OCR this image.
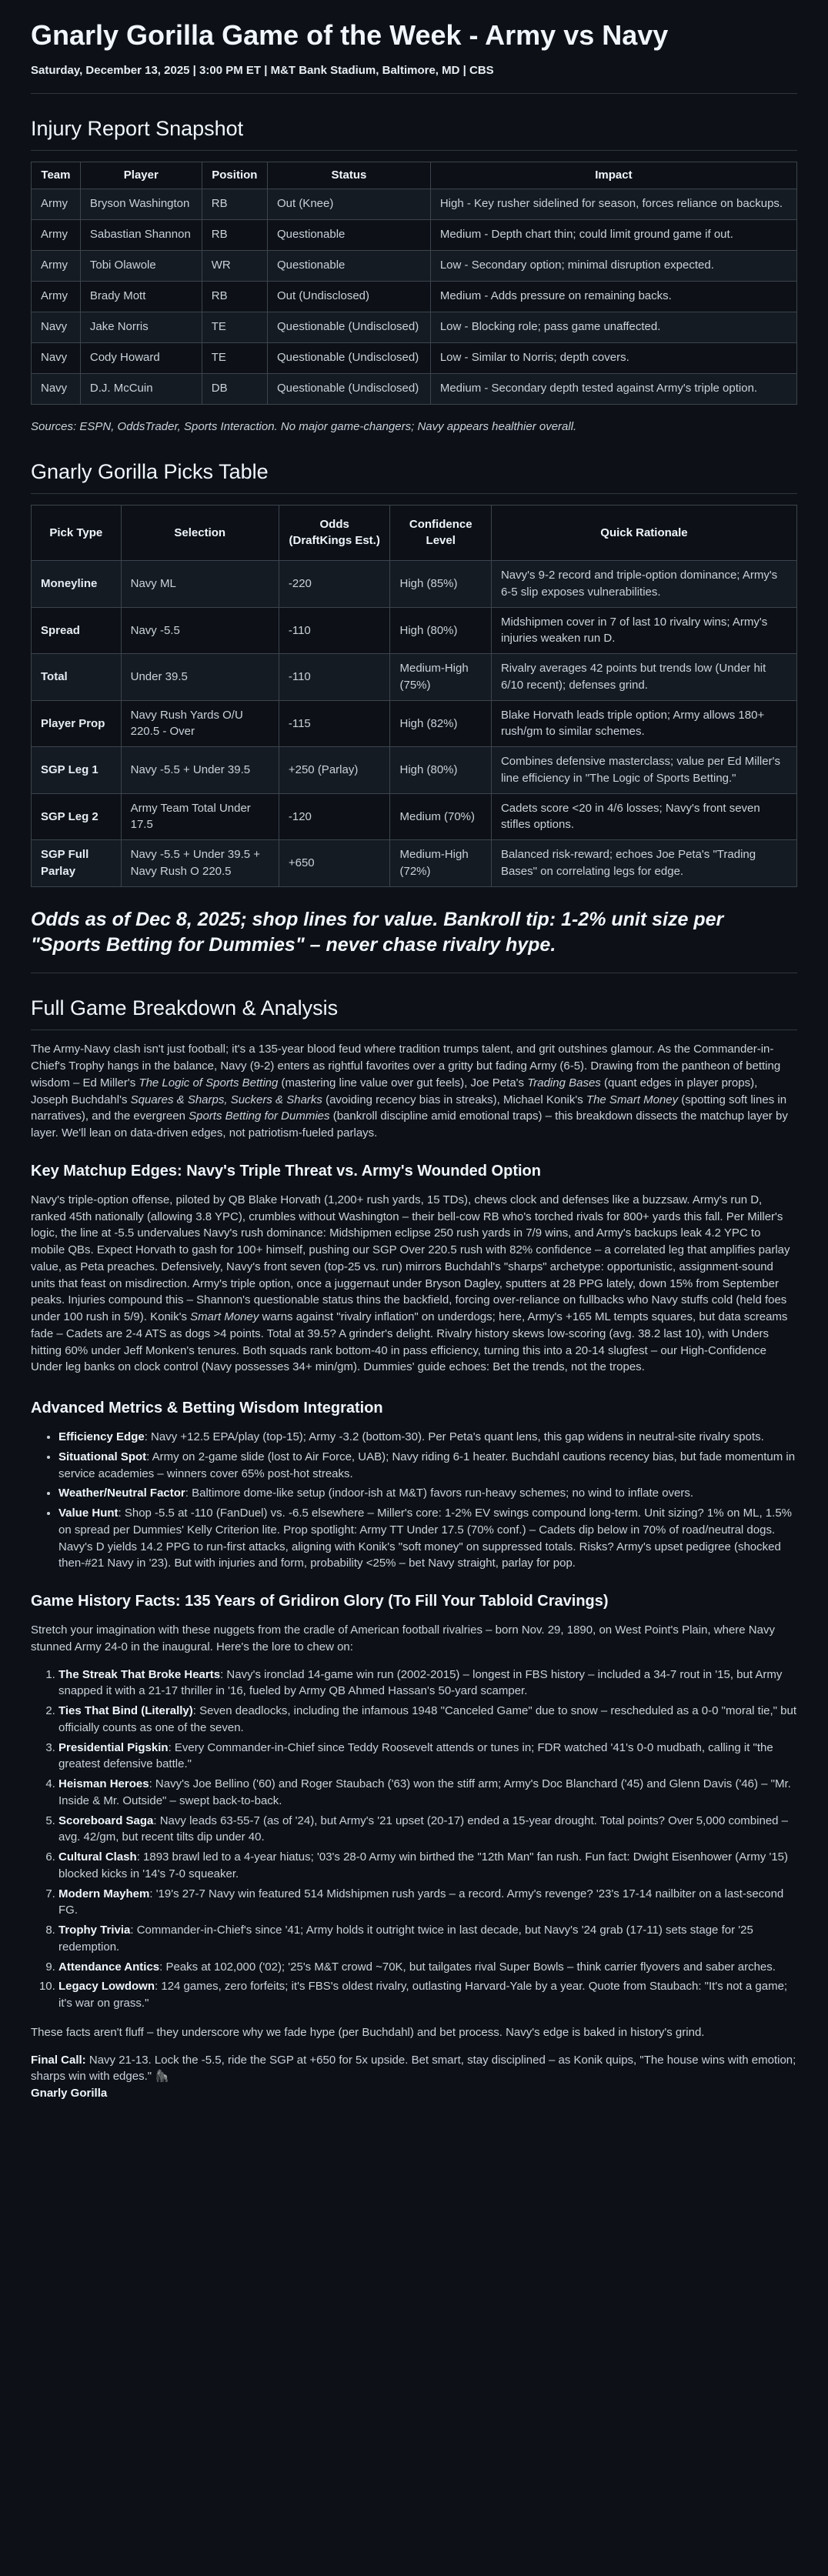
Gnarly Gorilla Game of the Week - Army vs Navy
Saturday, December 13, 2025 | 3:00 PM ET | M&T Bank Stadium, Baltimore, MD | CBS
Injury Report Snapshot
Team	Player	Position	Status	Impact
Army	Bryson Washington	RB	Out (Knee)	High - Key rusher sidelined for season, forces reliance on backups.
Army	Sabastian Shannon	RB	Questionable	Medium - Depth chart thin; could limit ground game if out.
Army	Tobi Olawole	WR	Questionable	Low - Secondary option; minimal disruption expected.
Army	Brady Mott	RB	Out (Undisclosed)	Medium - Adds pressure on remaining backs.
Navy	Jake Norris	TE	Questionable (Undisclosed)	Low - Blocking role; pass game unaffected.
Navy	Cody Howard	TE	Questionable (Undisclosed)	Low - Similar to Norris; depth covers.
Navy	D.J. McCuin	DB	Questionable (Undisclosed)	Medium - Secondary depth tested against Army's triple option.
Sources: ESPN, OddsTrader, Sports Interaction. No major game-changers; Navy appears healthier overall.
Gnarly Gorilla Picks Table
Pick Type	Selection	Odds (DraftKings Est.)	Confidence Level	Quick Rationale
Moneyline	Navy ML	-220	High (85%)	Navy's 9-2 record and triple-option dominance; Army's 6-5 slip exposes vulnerabilities.
Spread	Navy -5.5	-110	High (80%)	Midshipmen cover in 7 of last 10 rivalry wins; Army's injuries weaken run D.
Total	Under 39.5	-110	Medium-High (75%)	Rivalry averages 42 points but trends low (Under hit 6/10 recent); defenses grind.
Player Prop	Navy Rush Yards O/U 220.5 - Over	-115	High (82%)	Blake Horvath leads triple option; Army allows 180+ rush/gm to similar schemes.
SGP Leg 1	Navy -5.5 + Under 39.5	+250 (Parlay)	High (80%)	Combines defensive masterclass; value per Ed Miller's line efficiency in "The Logic of Sports Betting."
SGP Leg 2	Army Team Total Under 17.5	-120	Medium (70%)	Cadets score <20 in 4/6 losses; Navy's front seven stifles options.
SGP Full Parlay	Navy -5.5 + Under 39.5 + Navy Rush O 220.5	+650	Medium-High (72%)	Balanced risk-reward; echoes Joe Peta's "Trading Bases" on correlating legs for edge.
Odds as of Dec 8, 2025; shop lines for value. Bankroll tip: 1-2% unit size per "Sports Betting for Dummies" – never chase rivalry hype.
Full Game Breakdown & Analysis

The Army-Navy clash isn't just football; it's a 135-year blood feud where tradition trumps talent, and grit outshines glamour. As the Commander-in-Chief's Trophy hangs in the balance, Navy (9-2) enters as rightful favorites over a gritty but fading Army (6-5). Drawing from the pantheon of betting wisdom – Ed Miller's The Logic of Sports Betting (mastering line value over gut feels), Joe Peta's Trading Bases (quant edges in player props), Joseph Buchdahl's Squares & Sharps, Suckers & Sharks (avoiding recency bias in streaks), Michael Konik's The Smart Money (spotting soft lines in narratives), and the evergreen Sports Betting for Dummies (bankroll discipline amid emotional traps) – this breakdown dissects the matchup layer by layer. We'll lean on data-driven edges, not patriotism-fueled parlays.

Key Matchup Edges: Navy's Triple Threat vs. Army's Wounded Option

Navy's triple-option offense, piloted by QB Blake Horvath (1,200+ rush yards, 15 TDs), chews clock and defenses like a buzzsaw. Army's run D, ranked 45th nationally (allowing 3.8 YPC), crumbles without Washington – their bell-cow RB who's torched rivals for 800+ yards this fall. Per Miller's logic, the line at -5.5 undervalues Navy's rush dominance: Midshipmen eclipse 250 rush yards in 7/9 wins, and Army's backups leak 4.2 YPC to mobile QBs. Expect Horvath to gash for 100+ himself, pushing our SGP Over 220.5 rush with 82% confidence – a correlated leg that amplifies parlay value, as Peta preaches. Defensively, Navy's front seven (top-25 vs. run) mirrors Buchdahl's "sharps" archetype: opportunistic, assignment-sound units that feast on misdirection. Army's triple option, once a juggernaut under Bryson Dagley, sputters at 28 PPG lately, down 15% from September peaks. Injuries compound this – Shannon's questionable status thins the backfield, forcing over-reliance on fullbacks who Navy stuffs cold (held foes under 100 rush in 5/9). Konik's Smart Money warns against "rivalry inflation" on underdogs; here, Army's +165 ML tempts squares, but data screams fade – Cadets are 2-4 ATS as dogs >4 points. Total at 39.5? A grinder's delight. Rivalry history skews low-scoring (avg. 38.2 last 10), with Unders hitting 60% under Jeff Monken's tenures. Both squads rank bottom-40 in pass efficiency, turning this into a 20-14 slugfest – our High-Confidence Under leg banks on clock control (Navy possesses 34+ min/gm). Dummies' guide echoes: Bet the trends, not the tropes.

Advanced Metrics & Betting Wisdom Integration
• Efficiency Edge: Navy +12.5 EPA/play (top-15); Army -3.2 (bottom-30). Per Peta's quant lens, this gap widens in neutral-site rivalry spots.
• Situational Spot: Army on 2-game slide (lost to Air Force, UAB); Navy riding 6-1 heater. Buchdahl cautions recency bias, but fade momentum in service academies – winners cover 65% post-hot streaks.
• Weather/Neutral Factor: Baltimore dome-like setup (indoor-ish at M&T) favors run-heavy schemes; no wind to inflate overs.
• Value Hunt: Shop -5.5 at -110 (FanDuel) vs. -6.5 elsewhere – Miller's core: 1-2% EV swings compound long-term. Unit sizing? 1% on ML, 1.5% on spread per Dummies' Kelly Criterion lite. Prop spotlight: Army TT Under 17.5 (70% conf.) – Cadets dip below in 70% of road/neutral dogs. Navy's D yields 14.2 PPG to run-first attacks, aligning with Konik's "soft money" on suppressed totals. Risks? Army's upset pedigree (shocked then-#21 Navy in '23). But with injuries and form, probability <25% – bet Navy straight, parlay for pop.
Game History Facts: 135 Years of Gridiron Glory (To Fill Your Tabloid Cravings)

Stretch your imagination with these nuggets from the cradle of American football rivalries – born Nov. 29, 1890, on West Point's Plain, where Navy stunned Army 24-0 in the inaugural. Here's the lore to chew on:

1. The Streak That Broke Hearts: Navy's ironclad 14-game win run (2002-2015) – longest in FBS history – included a 34-7 rout in '15, but Army snapped it with a 21-17 thriller in '16, fueled by Army QB Ahmed Hassan's 50-yard scamper.
2. Ties That Bind (Literally): Seven deadlocks, including the infamous 1948 "Canceled Game" due to snow – rescheduled as a 0-0 "moral tie," but officially counts as one of the seven.
3. Presidential Pigskin: Every Commander-in-Chief since Teddy Roosevelt attends or tunes in; FDR watched '41's 0-0 mudbath, calling it "the greatest defensive battle."
4. Heisman Heroes: Navy's Joe Bellino ('60) and Roger Staubach ('63) won the stiff arm; Army's Doc Blanchard ('45) and Glenn Davis ('46) – "Mr. Inside & Mr. Outside" – swept back-to-back.
5. Scoreboard Saga: Navy leads 63-55-7 (as of '24), but Army's '21 upset (20-17) ended a 15-year drought. Total points? Over 5,000 combined – avg. 42/gm, but recent tilts dip under 40.
6. Cultural Clash: 1893 brawl led to a 4-year hiatus; '03's 28-0 Army win birthed the "12th Man" fan rush. Fun fact: Dwight Eisenhower (Army '15) blocked kicks in '14's 7-0 squeaker.
7. Modern Mayhem: '19's 27-7 Navy win featured 514 Midshipmen rush yards – a record. Army's revenge? '23's 17-14 nailbiter on a last-second FG.
8. Trophy Trivia: Commander-in-Chief's since '41; Army holds it outright twice in last decade, but Navy's '24 grab (17-11) sets stage for '25 redemption.
9. Attendance Antics: Peaks at 102,000 ('02); '25's M&T crowd ~70K, but tailgates rival Super Bowls – think carrier flyovers and saber arches.
10. Legacy Lowdown: 124 games, zero forfeits; it's FBS's oldest rivalry, outlasting Harvard-Yale by a year. Quote from Staubach: "It's not a game; it's war on grass."

These facts aren't fluff – they underscore why we fade hype (per Buchdahl) and bet process. Navy's edge is baked in history's grind.

Final Call: Navy 21-13. Lock the -5.5, ride the SGP at +650 for 5x upside. Bet smart, stay disciplined – as Konik quips, "The house wins with emotion; sharps win with edges." 🦍

Gnarly Gorilla
